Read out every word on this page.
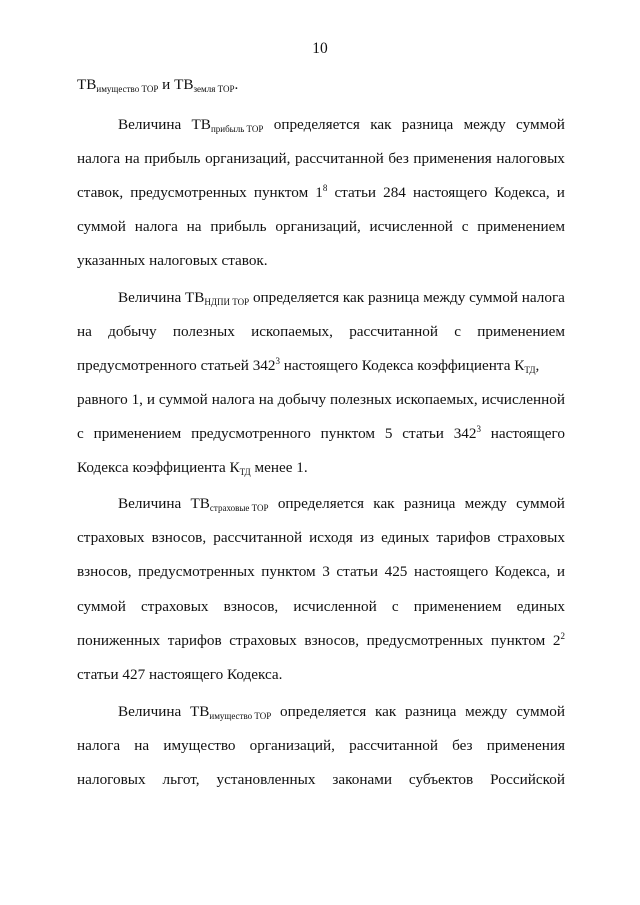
10
$ТВ_{имущество ТОР}$ и $ТВ_{земля ТОР}$.
Величина $ТВ_{прибыль ТОР}$ определяется как разница между суммой
налога на прибыль организаций, рассчитанной без применения налоговых
ставок, предусмотренных пунктом $1^8$ статьи 284 настоящего Кодекса, и
суммой налога на прибыль организаций, исчисленной с применением
указанных налоговых ставок.
Величина $ТВ_{НДПИ ТОР}$ определяется как разница между суммой налога
на добычу полезных ископаемых, рассчитанной с применением
предусмотренного статьей $342^3$ настоящего Кодекса коэффициента $К_{ТД}$,
равного 1, и суммой налога на добычу полезных ископаемых, исчисленной
с применением предусмотренного пунктом 5 статьи $342^3$ настоящего
Кодекса коэффициента $К_{ТД}$ менее 1.
Величина $ТВ_{страховые ТОР}$ определяется как разница между суммой
страховых взносов, рассчитанной исходя из единых тарифов страховых
взносов, предусмотренных пунктом 3 статьи 425 настоящего Кодекса, и
суммой страховых взносов, исчисленной с применением единых
пониженных тарифов страховых взносов, предусмотренных пунктом $2^2$
статьи 427 настоящего Кодекса.
Величина $ТВ_{имущество ТОР}$ определяется как разница между суммой
налога на имущество организаций, рассчитанной без применения
налоговых льгот, установленных законами субъектов Российской
